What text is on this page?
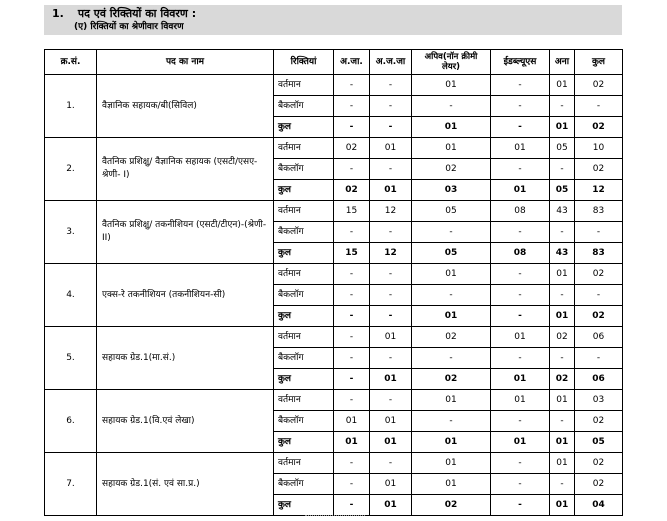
1. पद एवं रिक्तियों का विवरण :
(ए) रिक्तियों का श्रेणीवार विवरण
क्र.सं.	पद का नाम	रिक्तियां	अ.जा.	अ.ज.जा	अपिव(नॉन क्रीमी लेयर)	ईडब्ल्यूएस	अना	कुल
1.	वैज्ञानिक सहायक/बी(सिविल)	वर्तमान	-	-	01	-	01	02
		बैकलॉग	-	-	-	-	-	-
		कुल	-	-	01	-	01	02
2.	वैतनिक प्रशिक्षु/ वैज्ञानिक सहायक (एसटी/एसए-श्रेणी- I)	वर्तमान	02	01	01	01	05	10
		बैकलॉग	-	-	02	-	-	02
		कुल	02	01	03	01	05	12
3.	वैतनिक प्रशिक्षु/ तकनीशियन (एसटी/टीएन)-(श्रेणी-II)	वर्तमान	15	12	05	08	43	83
		बैकलॉग	-	-	-	-	-	-
		कुल	15	12	05	08	43	83
4.	एक्स-रे तकनीशियन (तकनीशियन-सी)	वर्तमान	-	-	01	-	01	02
		बैकलॉग	-	-	-	-	-	-
		कुल	-	-	01	-	01	02
5.	सहायक ग्रेड.1(मा.सं.)	वर्तमान	-	01	02	01	02	06
		बैकलॉग	-	-	-	-	-	-
		कुल	-	01	02	01	02	06
6.	सहायक ग्रेड.1(वि.एवं लेखा)	वर्तमान	-	-	01	01	01	03
		बैकलॉग	01	01	-	-	-	02
		कुल	01	01	01	01	01	05
7.	सहायक ग्रेड.1(सं. एवं सा.प्र.)	वर्तमान	-	-	01	-	01	02
		बैकलॉग	-	01	01	-	-	02
		कुल	-	01	02	-	01	04
